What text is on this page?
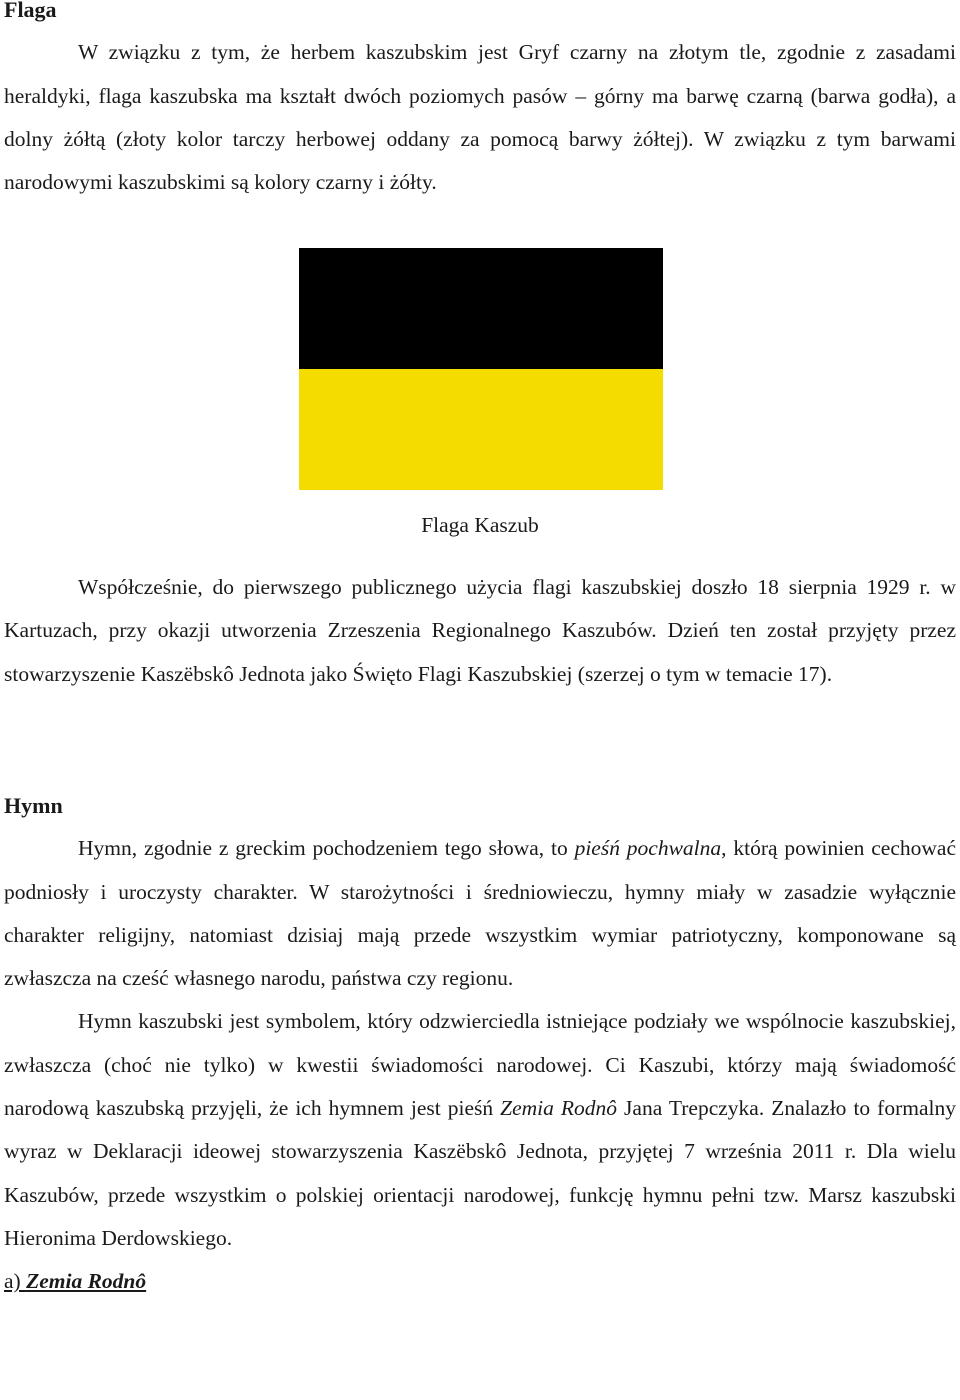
Flaga

W związku z tym, że herbem kaszubskim jest Gryf czarny na złotym tle, zgodnie z zasadami heraldyki, flaga kaszubska ma kształt dwóch poziomych pasów – górny ma barwę czarną (barwa godła), a dolny żółtą (złoty kolor tarczy herbowej oddany za pomocą barwy żółtej). W związku z tym barwami narodowymi kaszubskimi są kolory czarny i żółty.

Flaga Kaszub

Współcześnie, do pierwszego publicznego użycia flagi kaszubskiej doszło 18 sierpnia 1929 r. w Kartuzach, przy okazji utworzenia Zrzeszenia Regionalnego Kaszubów. Dzień ten został przyjęty przez stowarzyszenie Kaszëbskô Jednota jako Święto Flagi Kaszubskiej (szerzej o tym w temacie 17).

Hymn

Hymn, zgodnie z greckim pochodzeniem tego słowa, to pieśń pochwalna, którą powinien cechować podniosły i uroczysty charakter. W starożytności i średniowieczu, hymny miały w zasadzie wyłącznie charakter religijny, natomiast dzisiaj mają przede wszystkim wymiar patriotyczny, komponowane są zwłaszcza na cześć własnego narodu, państwa czy regionu.

Hymn kaszubski jest symbolem, który odzwierciedla istniejące podziały we wspólnocie kaszubskiej, zwłaszcza (choć nie tylko) w kwestii świadomości narodowej. Ci Kaszubi, którzy mają świadomość narodową kaszubską przyjęli, że ich hymnem jest pieśń Zemia Rodnô Jana Trepczyka. Znalazło to formalny wyraz w Deklaracji ideowej stowarzyszenia Kaszëbskô Jednota, przyjętej 7 września 2011 r. Dla wielu Kaszubów, przede wszystkim o polskiej orientacji narodowej, funkcję hymnu pełni tzw. Marsz kaszubski Hieronima Derdowskiego.

a) Zemia Rodnô
